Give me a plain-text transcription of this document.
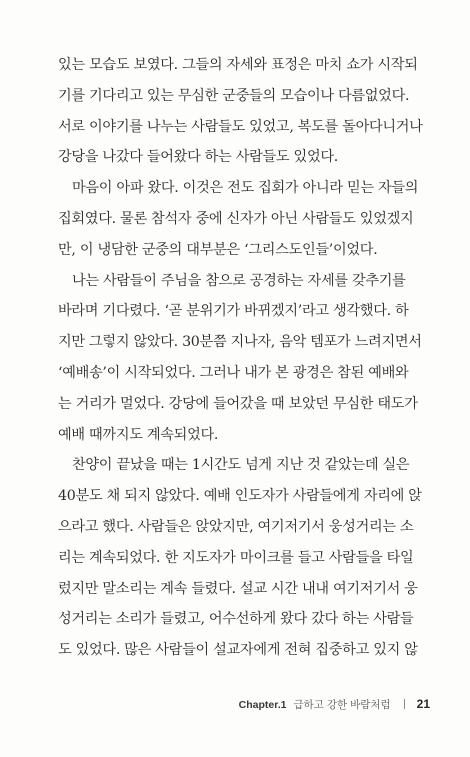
있는 모습도 보였다. 그들의 자세와 표정은 마치 쇼가 시작되
기를 기다리고 있는 무심한 군중들의 모습이나 다름없었다.
서로 이야기를 나누는 사람들도 있었고, 복도를 돌아다니거나
강당을 나갔다 들어왔다 하는 사람들도 있었다.
마음이 아파 왔다. 이것은 전도 집회가 아니라 믿는 자들의
집회였다. 물론 참석자 중에 신자가 아닌 사람들도 있었겠지
만, 이 냉담한 군중의 대부분은 ‘그리스도인들’이었다.
나는 사람들이 주님을 참으로 공경하는 자세를 갖추기를
바라며 기다렸다. ‘곧 분위기가 바뀌겠지’라고 생각했다. 하
지만 그렇지 않았다. 30분쯤 지나자, 음악 템포가 느려지면서
‘예배송’이 시작되었다. 그러나 내가 본 광경은 참된 예배와
는 거리가 멀었다. 강당에 들어갔을 때 보았던 무심한 태도가
예배 때까지도 계속되었다.
찬양이 끝났을 때는 1시간도 넘게 지난 것 같았는데 실은
40분도 채 되지 않았다. 예배 인도자가 사람들에게 자리에 앉
으라고 했다. 사람들은 앉았지만, 여기저기서 웅성거리는 소
리는 계속되었다. 한 지도자가 마이크를 들고 사람들을 타일
렀지만 말소리는 계속 들렸다. 설교 시간 내내 여기저기서 웅
성거리는 소리가 들렸고, 어수선하게 왔다 갔다 하는 사람들
도 있었다. 많은 사람들이 설교자에게 전혀 집중하고 있지 않
Chapter.1 급하고 강한 바람처럼 21
